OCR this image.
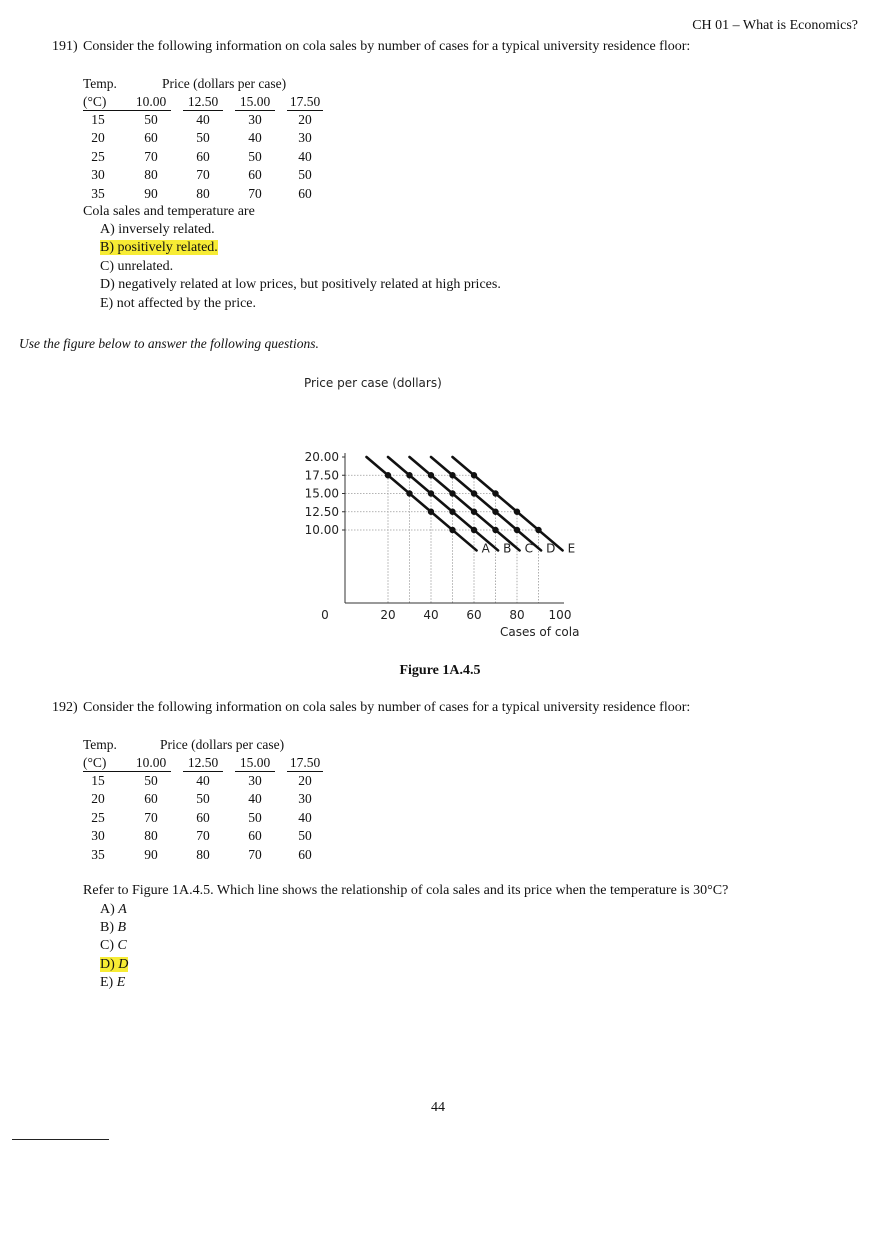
CH 01 – What is Economics?
191) Consider the following information on cola sales by number of cases for a typical university residence floor:
Temp.	Price (dollars per case)
(°C)	10.00	12.50	15.00	17.50
15	50	40	30	20
20	60	50	40	30
25	70	60	50	40
30	80	70	60	50
35	90	80	70	60
Cola sales and temperature are
A) inversely related.
B) positively related.
C) unrelated.
D) negatively related at low prices, but positively related at high prices.
E) not affected by the price.
Use the figure below to answer the following questions.
Price per case (dollars)
Cases of cola
10.00
12.50
15.00
17.50
20.00
0	20 40 60 80 100
A B C D E
Figure 1A.4.5
192) Consider the following information on cola sales by number of cases for a typical university residence floor:
Temp.	Price (dollars per case)
(°C)	10.00	12.50	15.00	17.50
15	50	40	30	20
20	60	50	40	30
25	70	60	50	40
30	80	70	60	50
35	90	80	70	60
Refer to Figure 1A.4.5. Which line shows the relationship of cola sales and its price when the temperature is 30°C?
A) A
B) B
C) C
D) D
E) E
44
